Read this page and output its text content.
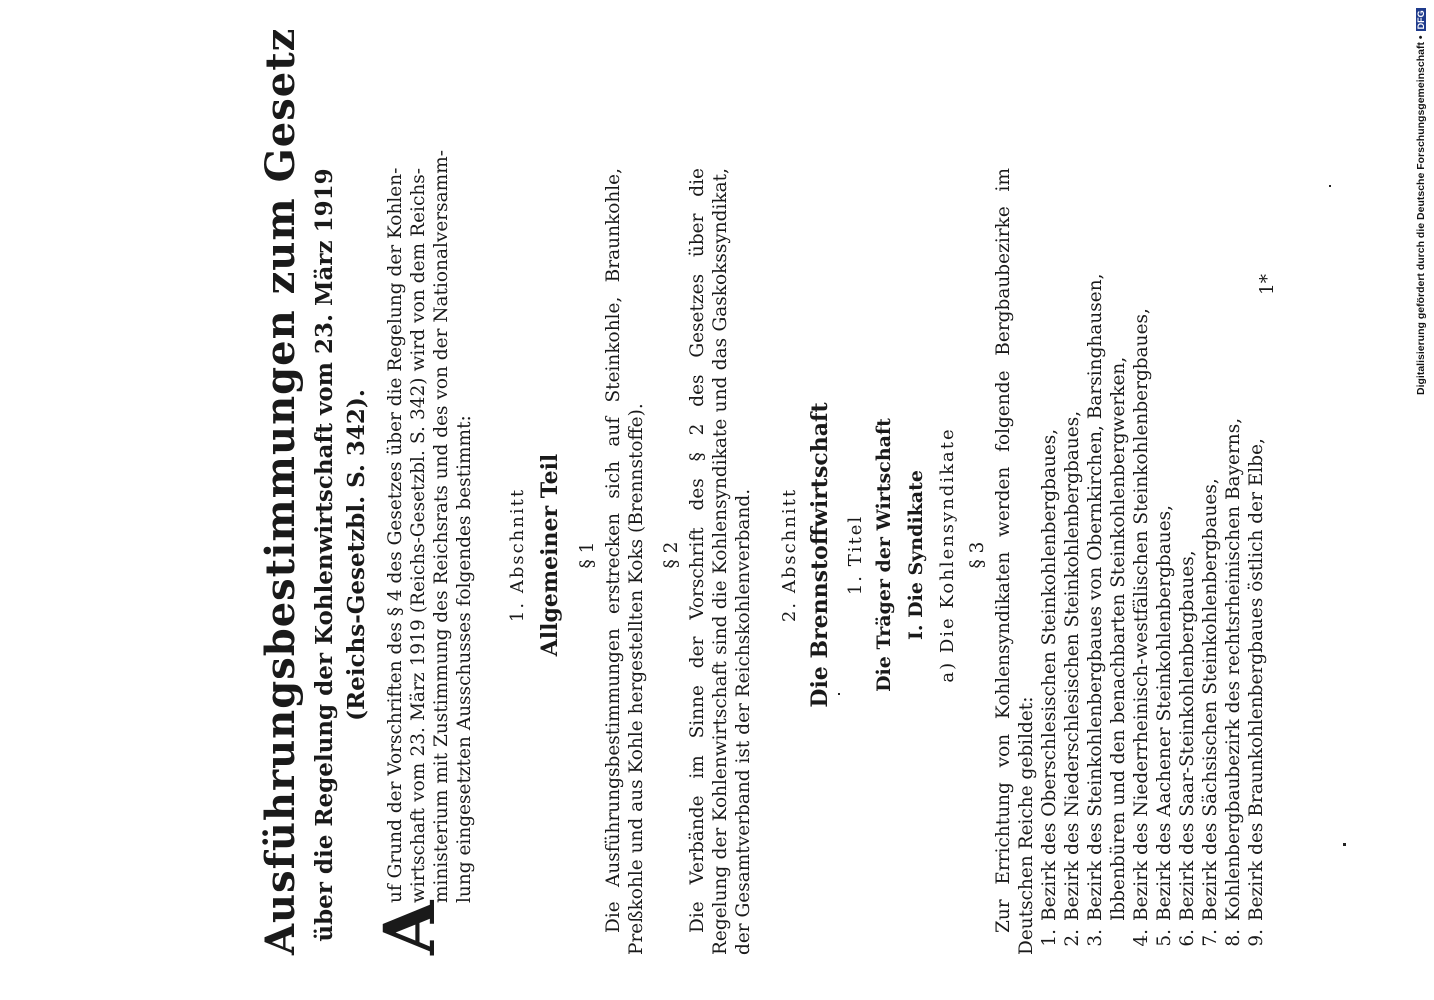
Ausführungsbestimmungen zum Gesetz über die Regelung der Kohlenwirtschaft vom 23. März 1919 (Reichs-Gesetzbl. S. 342).
A
uf Grund der Vorschriften des § 4 des Gesetzes über die Regelung der Kohlen- wirtschaft vom 23. März 1919 (Reichs-Gesetzbl. S. 342) wird von dem Reichs- ministerium mit Zustimmung des Reichsrats und des von der Nationalversamm- lung eingesetzten Ausschusses folgendes bestimmt: 1. Abschnitt Allgemeiner Teil § 1 Die Ausführungsbestimmungen erstrecken sich auf Steinkohle, Braunkohle, Preßkohle und aus Kohle hergestellten Koks (Brennstoffe). § 2 Die Verbände im Sinne der Vorschrift des § 2 des Gesetzes über die Regelung der Kohlenwirtschaft sind die Kohlensyndikate und das Gaskokssyndikat, der Gesamtverband ist der Reichskohlenverband. 2. Abschnitt Die Brennstoffwirtschaft 1. Titel Die Träger der Wirtschaft I. Die Syndikate a) Die Kohlensyndikate § 3 Zur Errichtung von Kohlensyndikaten werden folgende Bergbaubezirke im Deutschen Reiche gebildet: 1.Bezirk des Oberschlesischen Steinkohlenbergbaues,
2.Bezirk des Niederschlesischen Steinkohlenbergbaues,
3.Bezirk des Steinkohlenbergbaues von Obernkirchen, Barsinghausen, Ibbenbüren und den benachbarten Steinkohlenbergwerken,
4.Bezirk des Niederrheinisch-westfälischen Steinkohlenbergbaues,
5.Bezirk des Aachener Steinkohlenbergbaues,
6.Bezirk des Saar-Steinkohlenbergbaues,
7.Bezirk des Sächsischen Steinkohlenbergbaues,
8.Kohlenbergbaubezirk des rechtsrheinischen Bayerns,
9.Bezirk des Braunkohlenbergbaues östlich der Elbe,
1*	Digitalisierung gefördert durch die Deutsche Forschungsgemeinschaft •DFG
